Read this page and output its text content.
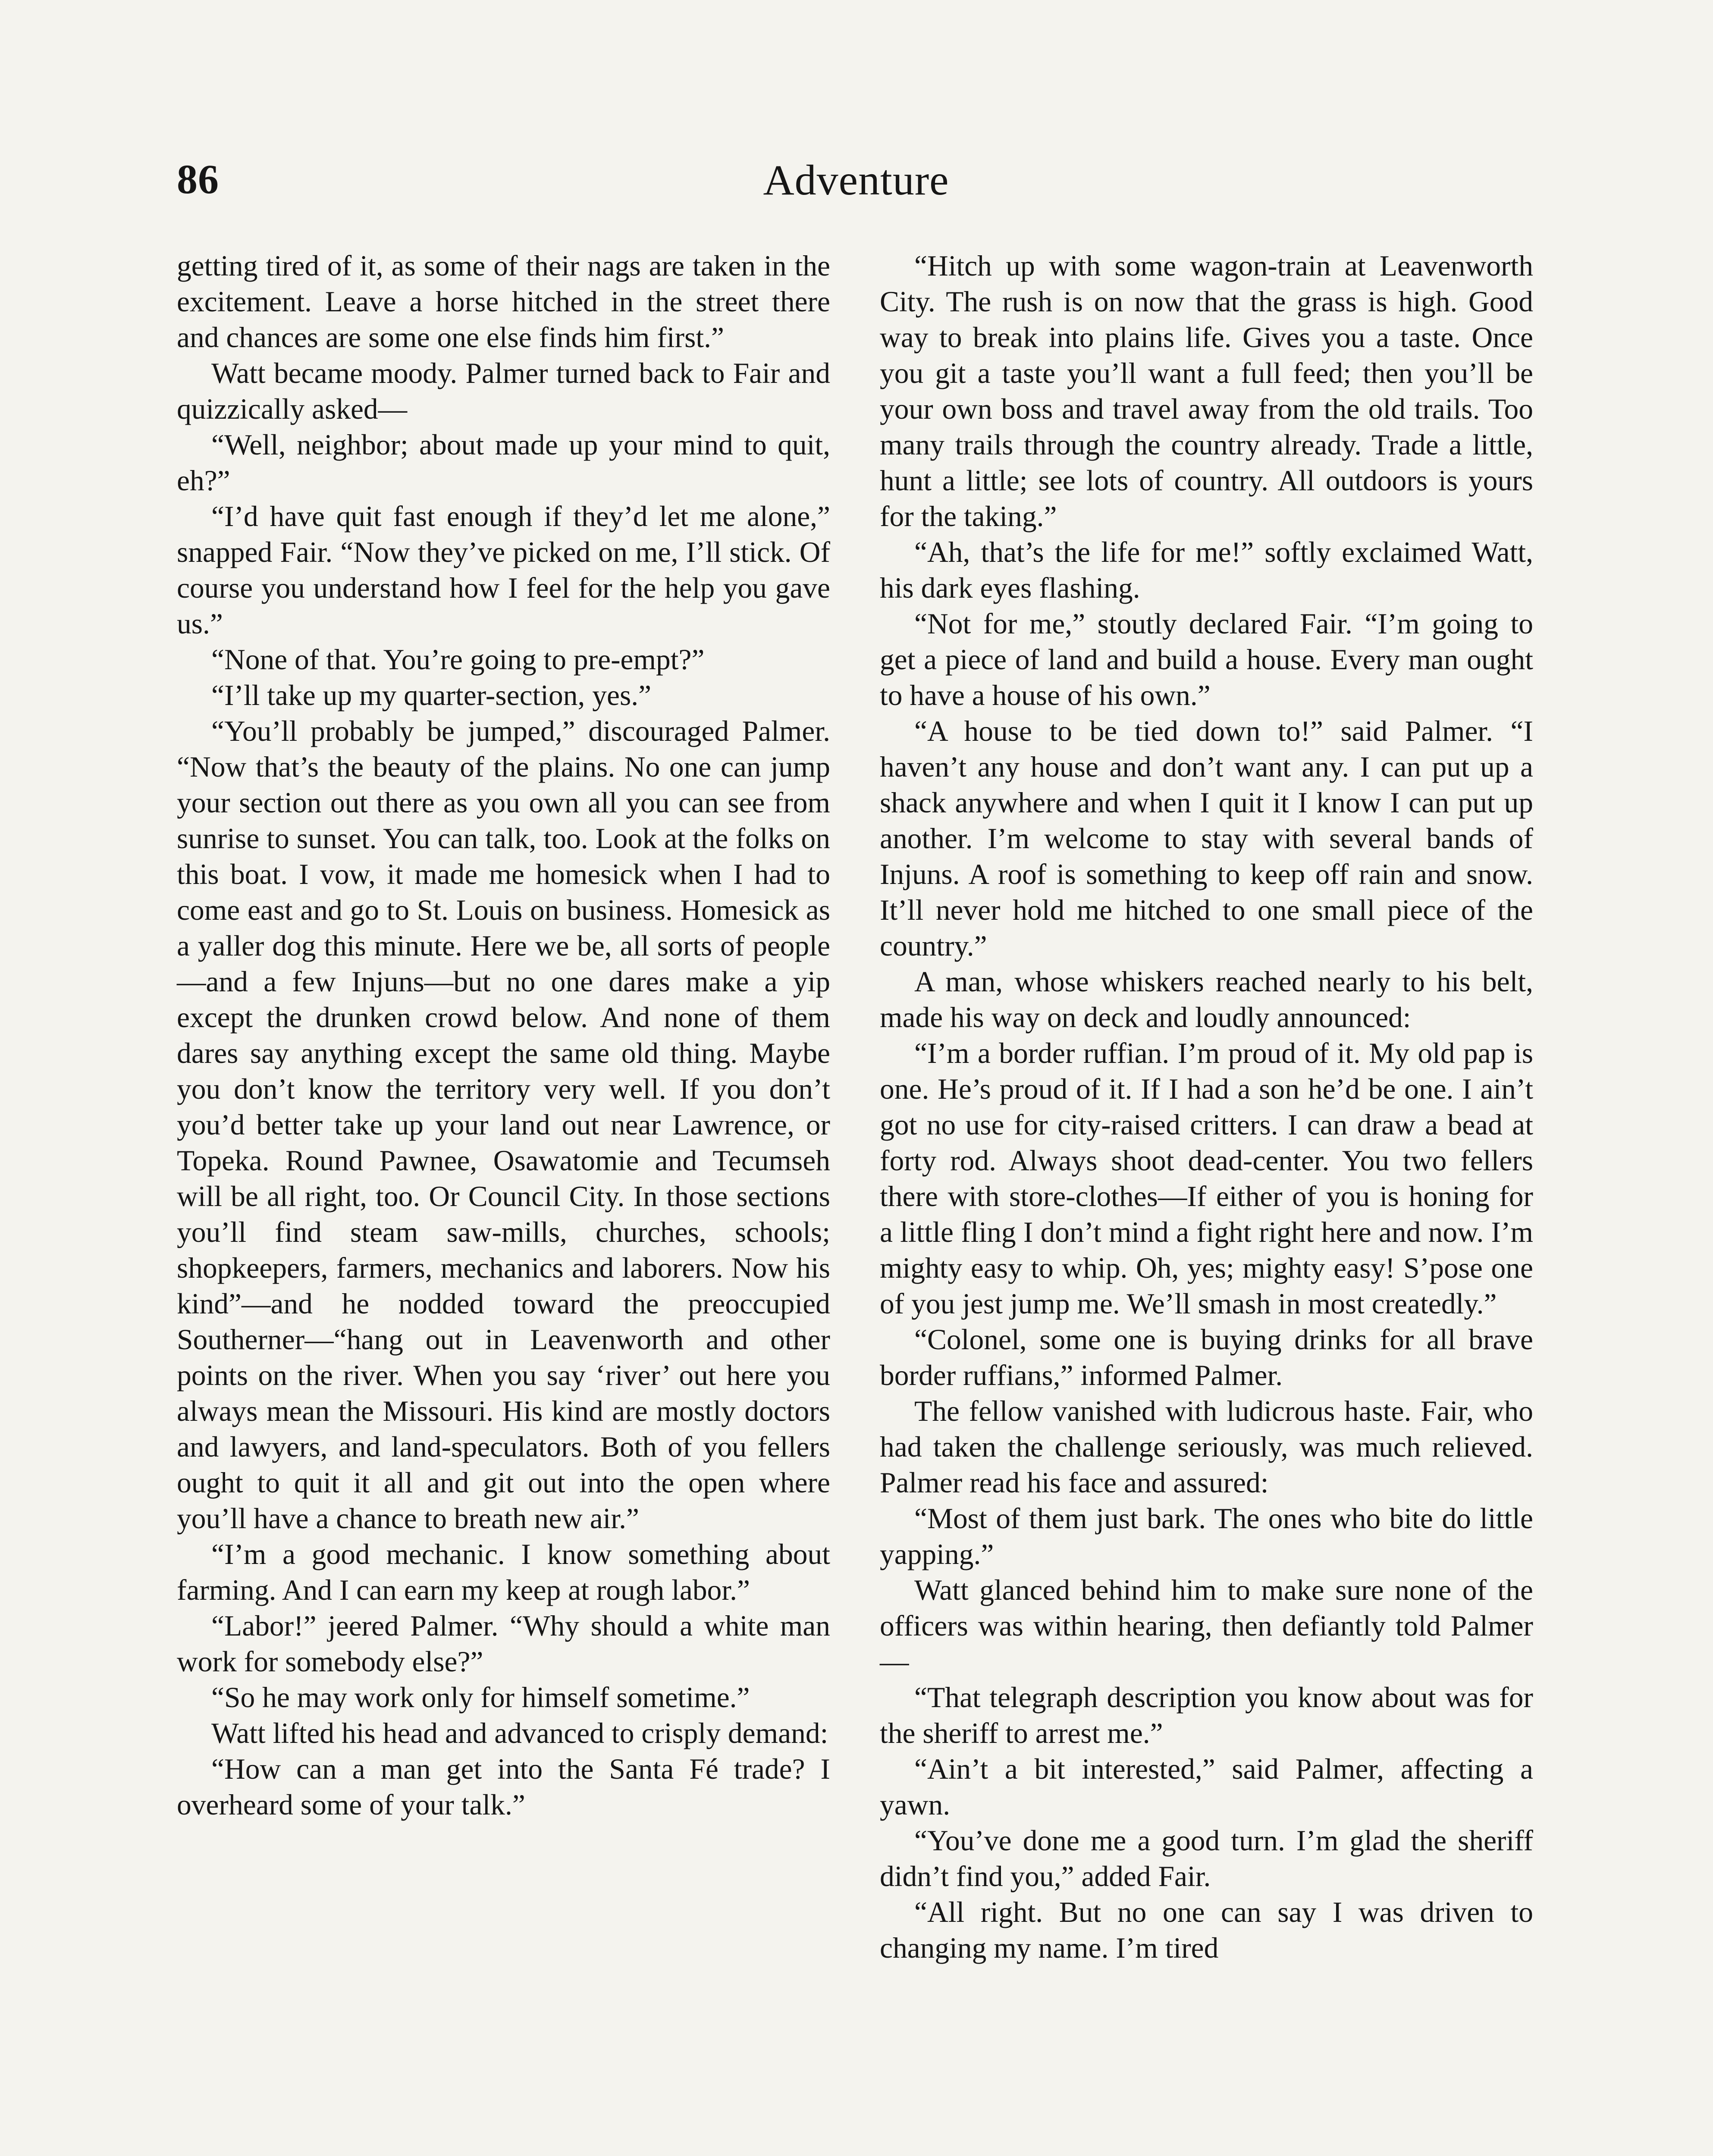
86	Adventure

getting tired of it, as some of their nags are taken in the excitement. Leave a horse hitched in the street there and chances are some one else finds him first.”

Watt became moody. Palmer turned back to Fair and quizzically asked—

“Well, neighbor; about made up your mind to quit, eh?”

“I’d have quit fast enough if they’d let me alone,” snapped Fair. “Now they’ve picked on me, I’ll stick. Of course you understand how I feel for the help you gave us.”

“None of that. You’re going to pre-empt?”

“I’ll take up my quarter-section, yes.”

“You’ll probably be jumped,” discouraged Palmer. “Now that’s the beauty of the plains. No one can jump your section out there as you own all you can see from sunrise to sunset. You can talk, too. Look at the folks on this boat. I vow, it made me homesick when I had to come east and go to St. Louis on business. Homesick as a yaller dog this minute. Here we be, all sorts of people—and a few Injuns—but no one dares make a yip except the drunken crowd below. And none of them dares say anything except the same old thing. Maybe you don’t know the territory very well. If you don’t you’d better take up your land out near Lawrence, or Topeka. Round Pawnee, Osawatomie and Tecumseh will be all right, too. Or Council City. In those sections you’ll find steam saw-mills, churches, schools; shopkeepers, farmers, mechanics and laborers. Now his kind”—and he nodded toward the preoccupied Southerner—“hang out in Leavenworth and other points on the river. When you say ‘river’ out here you always mean the Missouri. His kind are mostly doctors and lawyers, and land-speculators. Both of you fellers ought to quit it all and git out into the open where you’ll have a chance to breath new air.”

“I’m a good mechanic. I know something about farming. And I can earn my keep at rough labor.”

“Labor!” jeered Palmer. “Why should a white man work for somebody else?”

“So he may work only for himself sometime.”

Watt lifted his head and advanced to crisply demand:

“How can a man get into the Santa Fé trade? I overheard some of your talk.”

“Hitch up with some wagon-train at Leavenworth City. The rush is on now that the grass is high. Good way to break into plains life. Gives you a taste. Once you git a taste you’ll want a full feed; then you’ll be your own boss and travel away from the old trails. Too many trails through the country already. Trade a little, hunt a little; see lots of country. All outdoors is yours for the taking.”

“Ah, that’s the life for me!” softly exclaimed Watt, his dark eyes flashing.

“Not for me,” stoutly declared Fair. “I’m going to get a piece of land and build a house. Every man ought to have a house of his own.”

“A house to be tied down to!” said Palmer. “I haven’t any house and don’t want any. I can put up a shack anywhere and when I quit it I know I can put up another. I’m welcome to stay with several bands of Injuns. A roof is something to keep off rain and snow. It’ll never hold me hitched to one small piece of the country.”

A man, whose whiskers reached nearly to his belt, made his way on deck and loudly announced:

“I’m a border ruffian. I’m proud of it. My old pap is one. He’s proud of it. If I had a son he’d be one. I ain’t got no use for city-raised critters. I can draw a bead at forty rod. Always shoot dead-center. You two fellers there with store-clothes—If either of you is honing for a little fling I don’t mind a fight right here and now. I’m mighty easy to whip. Oh, yes; mighty easy! S’pose one of you jest jump me. We’ll smash in most createdly.”

“Colonel, some one is buying drinks for all brave border ruffians,” informed Palmer.

The fellow vanished with ludicrous haste. Fair, who had taken the challenge seriously, was much relieved. Palmer read his face and assured:

“Most of them just bark. The ones who bite do little yapping.”

Watt glanced behind him to make sure none of the officers was within hearing, then defiantly told Palmer—

“That telegraph description you know about was for the sheriff to arrest me.”

“Ain’t a bit interested,” said Palmer, affecting a yawn.

“You’ve done me a good turn. I’m glad the sheriff didn’t find you,” added Fair.

“All right. But no one can say I was driven to changing my name. I’m tired
